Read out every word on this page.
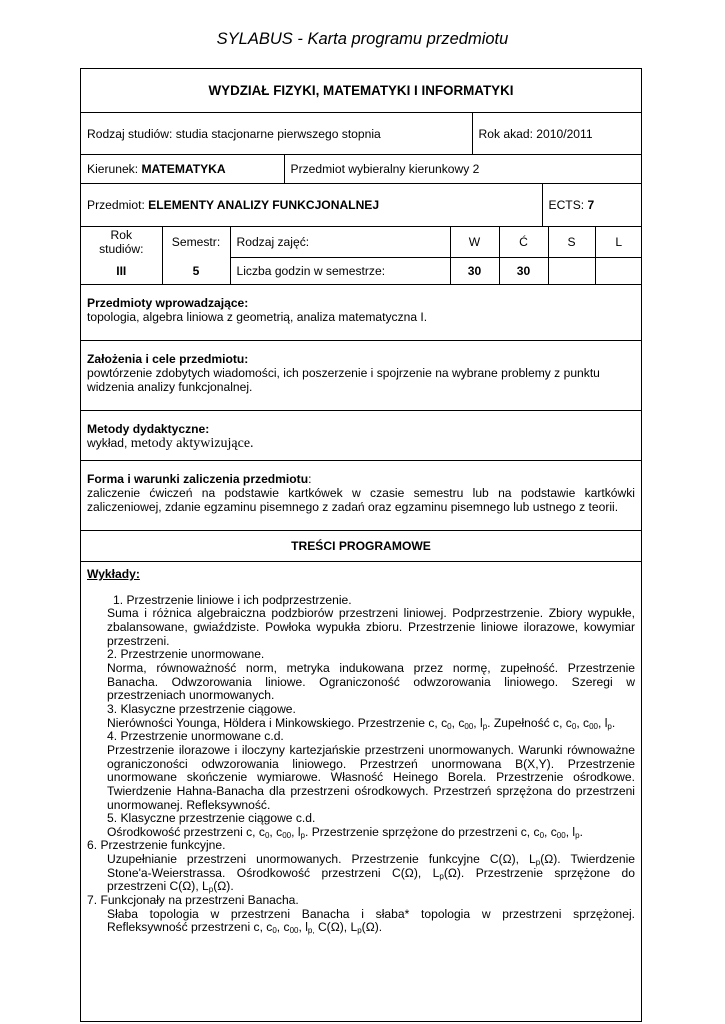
SYLABUS - Karta programu przedmiotu
WYDZIAŁ FIZYKI, MATEMATYKI I INFORMATYKI

Rodzaj studiów: studia stacjonarne pierwszego stopnia	Rok akad: 2010/2011

Kierunek: MATEMATYKA	Przedmiot wybieralny kierunkowy 2

Przedmiot: ELEMENTY ANALIZY FUNKCJONALNEJ	ECTS: 7

Rok studiów:	Semestr:	Rodzaj zajęć:	W	Ć	S	L
III	5	Liczba godzin w semestrze:	30	30		

Przedmioty wprowadzające:
topologia, algebra liniowa z geometrią, analiza matematyczna I.

Założenia i cele przedmiotu:
powtórzenie zdobytych wiadomości, ich poszerzenie i spojrzenie na wybrane problemy z punktu widzenia analizy funkcjonalnej.

Metody dydaktyczne:
wykład, metody aktywizujące.

Forma i warunki zaliczenia przedmiotu:
zaliczenie ćwiczeń na podstawie kartkówek w czasie semestru lub na podstawie kartkówki zaliczeniowej, zdanie egzaminu pisemnego z zadań oraz egzaminu pisemnego lub ustnego z teorii.

TREŚCI PROGRAMOWE

Wykłady:
1. Przestrzenie liniowe i ich podprzestrzenie.
Suma i różnica algebraiczna podzbiorów przestrzeni liniowej. Podprzestrzenie. Zbiory wypukłe, zbalansowane, gwiaździste. Powłoka wypukła zbioru. Przestrzenie liniowe ilorazowe, kowymiar przestrzeni.
2. Przestrzenie unormowane.
Norma, równoważność norm, metryka indukowana przez normę, zupełność. Przestrzenie Banacha. Odwzorowania liniowe. Ograniczoność odwzorowania liniowego. Szeregi w przestrzeniach unormowanych.
3. Klasyczne przestrzenie ciągowe.
Nierówności Younga, Höldera i Minkowskiego. Przestrzenie c, $c_0$, $c_{00}$, $l_p$. Zupełność c, $c_0$, $c_{00}$, $l_p$.
4. Przestrzenie unormowane c.d.
Przestrzenie ilorazowe i iloczyny kartezjańskie przestrzeni unormowanych. Warunki równoważne ograniczoności odwzorowania liniowego. Przestrzeń unormowana B(X,Y). Przestrzenie unormowane skończenie wymiarowe. Własność Heinego Borela. Przestrzenie ośrodkowe. Twierdzenie Hahna-Banacha dla przestrzeni ośrodkowych. Przestrzeń sprzężona do przestrzeni unormowanej. Refleksywność.
5. Klasyczne przestrzenie ciągowe c.d.
Ośrodkowość przestrzeni c, $c_0$, $c_{00}$, $l_p$. Przestrzenie sprzężone do przestrzeni c, $c_0$, $c_{00}$, $l_p$.
6. Przestrzenie funkcyjne.
Uzupełnianie przestrzeni unormowanych. Przestrzenie funkcyjne C(Ω), $L_p(\Omega)$. Twierdzenie Stone'a-Weierstrassa. Ośrodkowość przestrzeni C(Ω), $L_p(\Omega)$. Przestrzenie sprzężone do przestrzeni C(Ω), $L_p(\Omega)$.
7. Funkcjonały na przestrzeni Banacha.
Słaba topologia w przestrzeni Banacha i słaba* topologia w przestrzeni sprzężonej. Refleksywność przestrzeni c, $c_0$, $c_{00}$, $l_{p,}$ C(Ω), $L_p(\Omega)$.
